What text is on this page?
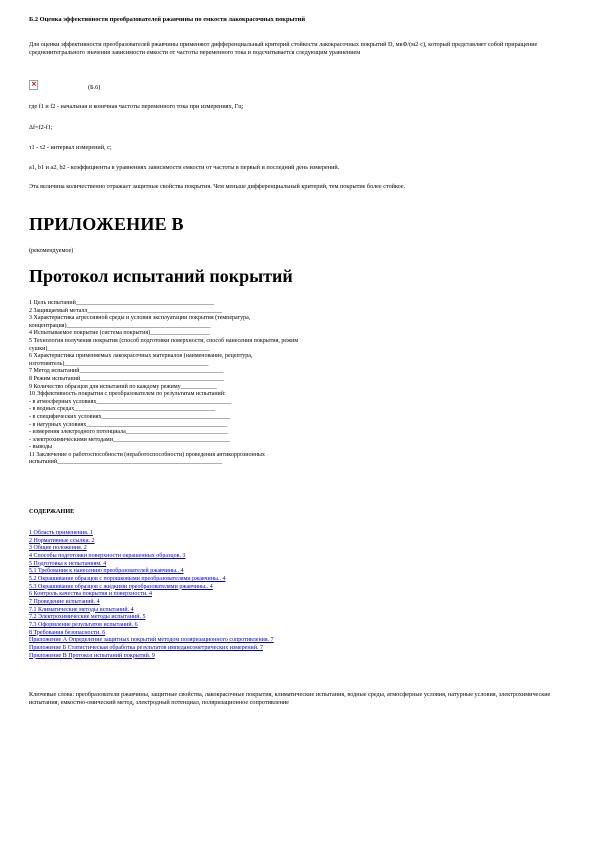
Б.2 Оценка эффективности преобразователей ржавчины по емкости лакокрасочных покрытий
Для оценки эффективности преобразователей ржавчины применяют дифференциальный критерий стойкости лакокрасочных покрытий D, мкФ/(м2·с), который представляет собой приращение среднеинтегрального значения зависимости емкости от частоты переменного тока и подсчитывается следующим уравнением
×	(Б.6)
где f1 и f2 - начальная и конечная частоты переменного тока при измерениях, Гц;
Δf=f2-f1;
τ1 - τ2 - интервал измерений, с;
а1, b1 и а2, b2 - коэффициенты в уравнениях зависимости емкости от частоты в первый и последний день измерений.
Эта величина количественно отражает защитные свойства покрытия. Чем меньше дифференциальный критерий, тем покрытие более стойкое.
ПРИЛОЖЕНИЕ В
(рекомендуемое)
Протокол испытаний покрытий
1 Цель испытаний______________________________________________
2 Защищаемый металл_____________________________________________
3 Характеристика агрессивной среды и условия эксплуатации покрытия (температура,
концентрация)________________________________________________
4 Испытываемое покрытие (система покрытия)____________________
5 Технология получения покрытия (способ подготовки поверхности, способ нанесения покрытия, режим
сушки)______________________________________________________
6 Характеристика применяемых лакокрасочных материалов (наименование, рецептура,
изготовитель)________________________________________________
7 Метод испытаний________________________________________________
8 Режим испытаний________________________________________________
9 Количество образцов для испытаний по каждому режиму____________
10 Эффективность покрытия с преобразователем по результатам испытаний:
- в атмосферных условиях_____________________________________________
- в водных средах_______________________________________________
- в специфических условиях___________________________________________
- в натурных условиях_______________________________________________
- измерения электродного потенциала__________________________________
- электрохимическими методами_______________________________________
- выводы
11 Заключение о работоспособности (неработоспособности) проведения антикоррозионных
испытаний_______________________________________________________
СОДЕРЖАНИЕ
1 Область применения. 1
2 Нормативные ссылки. 2
3 Общие положения. 2
4 Способы подготовки поверхности окрашенных образцов. 3
5 Подготовка к испытаниям. 4
5.1 Требования к нанесению преобразователей ржавчины.. 4
5.2 Окрашивание образцов с порошковыми преобразователями ржавчины.. 4
5.3 Окрашивание образцов с жидкими преобразователями ржавчины.. 4
6 Контроль качества покрытия и поверхности. 4
7 Проведение испытаний. 4
7.1 Климатические методы испытаний. 4
7.2 Электрохимические методы испытаний. 5
7.3 Оформление результатов испытаний. 6
8 Требования безопасности. 6
Приложение А Определение защитных покрытий методом поляризационного сопротивления. 7
Приложение Б Статистическая обработка результатов импедансометрических измерений. 7
Приложение В Протокол испытаний покрытий. 9
Ключевые слова: преобразователи ржавчины, защитные свойства, лакокрасочные покрытия, климатические испытания, водные среды, атмосферные условия, натурные условия, электрохимические испытания, емкостно-омический метод, электродный потенциал, поляризационное сопротивление
